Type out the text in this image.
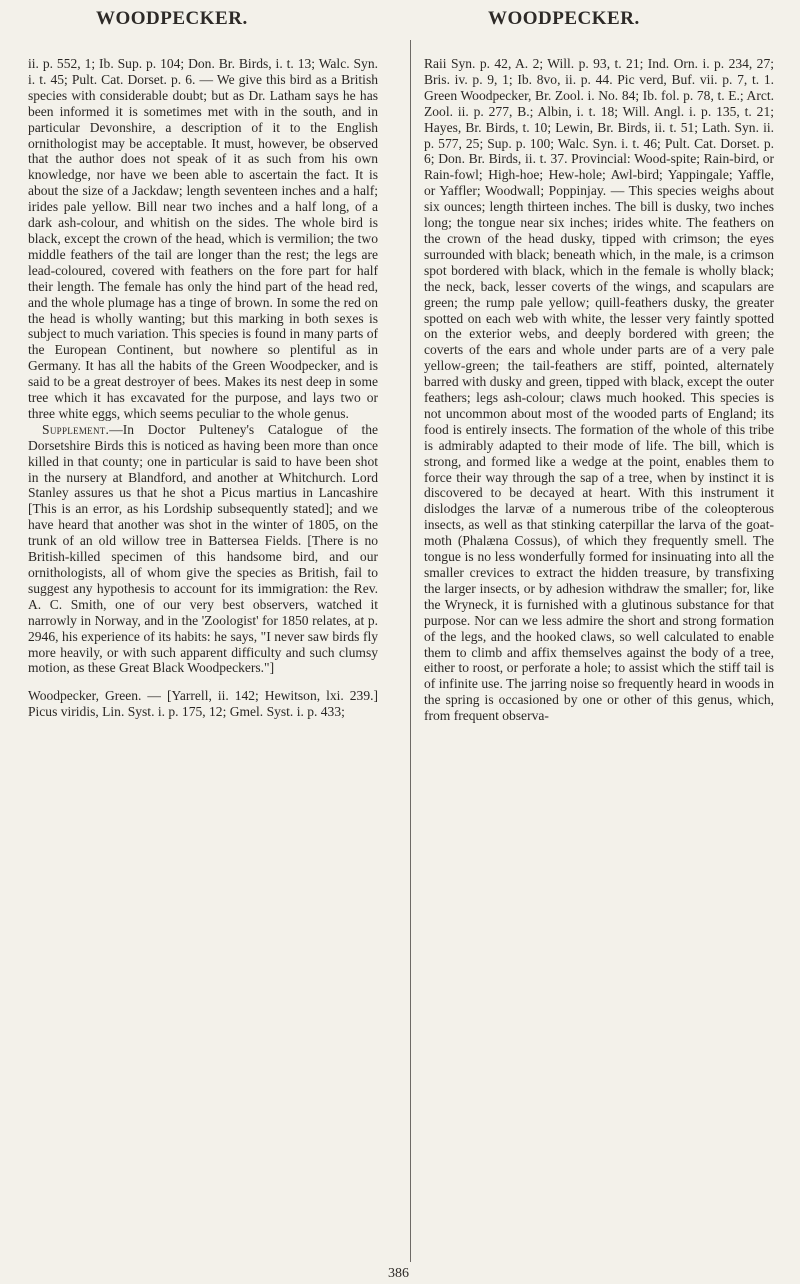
WOODPECKER.	WOODPECKER.

ii. p. 552, 1; Ib. Sup. p. 104; Don. Br. Birds, i. t. 13; Walc. Syn. i. t. 45; Pult. Cat. Dorset. p. 6. — We give this bird as a British species with considerable doubt; but as Dr. Latham says he has been informed it is sometimes met with in the south, and in particular Devonshire, a description of it to the English ornithologist may be acceptable. It must, however, be observed that the author does not speak of it as such from his own knowledge, nor have we been able to ascertain the fact. It is about the size of a Jackdaw; length seventeen inches and a half; irides pale yellow. Bill near two inches and a half long, of a dark ash-colour, and whitish on the sides. The whole bird is black, except the crown of the head, which is vermilion; the two middle feathers of the tail are longer than the rest; the legs are lead-coloured, covered with feathers on the fore part for half their length. The female has only the hind part of the head red, and the whole plumage has a tinge of brown. In some the red on the head is wholly wanting; but this marking in both sexes is subject to much variation. This species is found in many parts of the European Continent, but nowhere so plentiful as in Germany. It has all the habits of the Green Woodpecker, and is said to be a great destroyer of bees. Makes its nest deep in some tree which it has excavated for the purpose, and lays two or three white eggs, which seems peculiar to the whole genus.

Supplement.—In Doctor Pulteney's Catalogue of the Dorsetshire Birds this is noticed as having been more than once killed in that county; one in particular is said to have been shot in the nursery at Blandford, and another at Whitchurch. Lord Stanley assures us that he shot a Picus martius in Lancashire [This is an error, as his Lordship subsequently stated]; and we have heard that another was shot in the winter of 1805, on the trunk of an old willow tree in Battersea Fields. [There is no British-killed specimen of this handsome bird, and our ornithologists, all of whom give the species as British, fail to suggest any hypothesis to account for its immigration: the Rev. A. C. Smith, one of our very best observers, watched it narrowly in Norway, and in the 'Zoologist' for 1850 relates, at p. 2946, his experience of its habits: he says, "I never saw birds fly more heavily, or with such apparent difficulty and such clumsy motion, as these Great Black Woodpeckers."]

Woodpecker, Green. — [Yarrell, ii. 142; Hewitson, lxi. 239.] Picus viridis, Lin. Syst. i. p. 175, 12; Gmel. Syst. i. p. 433;

Raii Syn. p. 42, A. 2; Will. p. 93, t. 21; Ind. Orn. i. p. 234, 27; Bris. iv. p. 9, 1; Ib. 8vo, ii. p. 44. Pic verd, Buf. vii. p. 7, t. 1. Green Woodpecker, Br. Zool. i. No. 84; Ib. fol. p. 78, t. E.; Arct. Zool. ii. p. 277, B.; Albin, i. t. 18; Will. Angl. i. p. 135, t. 21; Hayes, Br. Birds, t. 10; Lewin, Br. Birds, ii. t. 51; Lath. Syn. ii. p. 577, 25; Sup. p. 100; Walc. Syn. i. t. 46; Pult. Cat. Dorset. p. 6; Don. Br. Birds, ii. t. 37. Provincial: Wood-spite; Rain-bird, or Rain-fowl; High-hoe; Hew-hole; Awl-bird; Yappingale; Yaffle, or Yaffler; Woodwall; Poppinjay. — This species weighs about six ounces; length thirteen inches. The bill is dusky, two inches long; the tongue near six inches; irides white. The feathers on the crown of the head dusky, tipped with crimson; the eyes surrounded with black; beneath which, in the male, is a crimson spot bordered with black, which in the female is wholly black; the neck, back, lesser coverts of the wings, and scapulars are green; the rump pale yellow; quill-feathers dusky, the greater spotted on each web with white, the lesser very faintly spotted on the exterior webs, and deeply bordered with green; the coverts of the ears and whole under parts are of a very pale yellow-green; the tail-feathers are stiff, pointed, alternately barred with dusky and green, tipped with black, except the outer feathers; legs ash-colour; claws much hooked. This species is not uncommon about most of the wooded parts of England; its food is entirely insects. The formation of the whole of this tribe is admirably adapted to their mode of life. The bill, which is strong, and formed like a wedge at the point, enables them to force their way through the sap of a tree, when by instinct it is discovered to be decayed at heart. With this instrument it dislodges the larvæ of a numerous tribe of the coleopterous insects, as well as that stinking caterpillar the larva of the goat-moth (Phalæna Cossus), of which they frequently smell. The tongue is no less wonderfully formed for insinuating into all the smaller crevices to extract the hidden treasure, by transfixing the larger insects, or by adhesion withdraw the smaller; for, like the Wryneck, it is furnished with a glutinous substance for that purpose. Nor can we less admire the short and strong formation of the legs, and the hooked claws, so well calculated to enable them to climb and affix themselves against the body of a tree, either to roost, or perforate a hole; to assist which the stiff tail is of infinite use. The jarring noise so frequently heard in woods in the spring is occasioned by one or other of this genus, which, from frequent observa-

386
